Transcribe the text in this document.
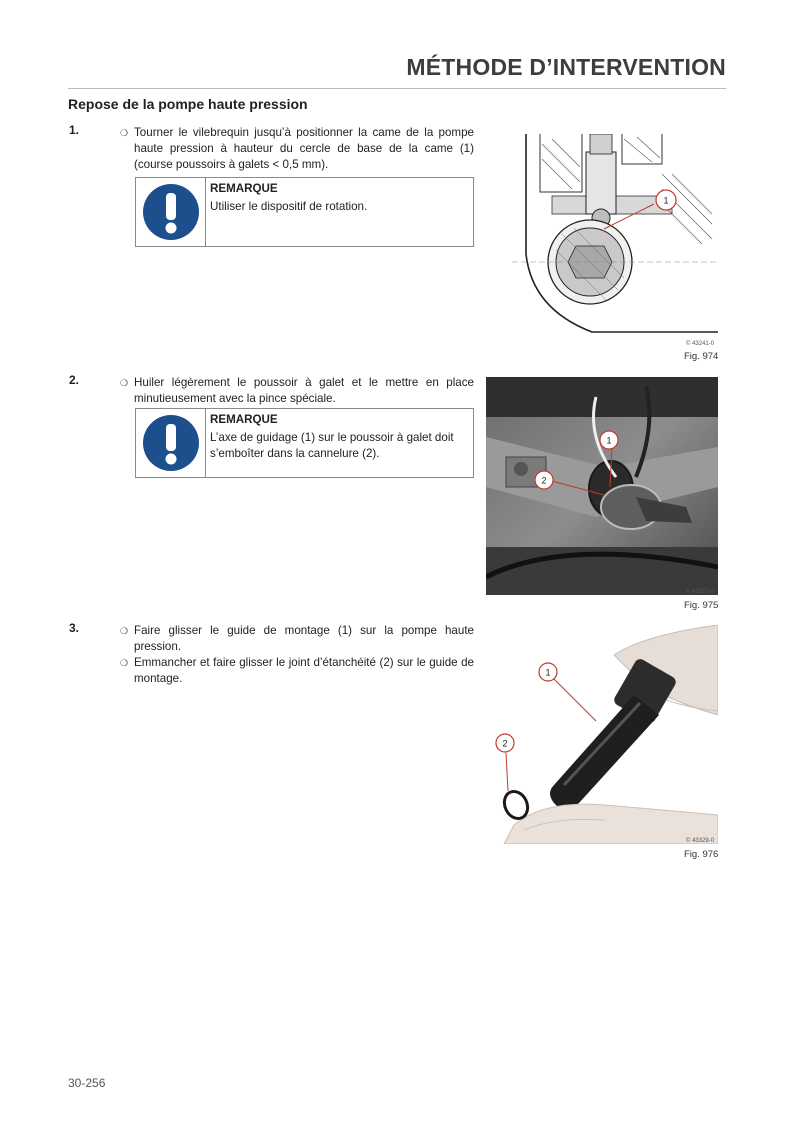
MÉTHODE D’INTERVENTION
Repose de la pompe haute pression
1.	❍ Tourner le vilebrequin jusqu’à positionner la came de la pompe haute pression à hauteur du cercle de base de la came (1) (course poussoirs à galets < 0,5 mm).
REMARQUE
Utiliser le dispositif de rotation.	1
© 43241-0
Fig. 974
2.	❍ Huiler légèrement le poussoir à galet et le mettre en place minutieusement avec la pince spéciale.
REMARQUE
L’axe de guidage (1) sur le poussoir à galet doit s’emboîter dans la cannelure (2).
1
2
© 42822-0
Fig. 975
3.	❍ Faire glisser le guide de montage (1) sur la pompe haute pression.
❍ Emmancher et faire glisser le joint d’étanchéité (2) sur le guide de montage.	1
2
© 43329-0
Fig. 976
30-256
